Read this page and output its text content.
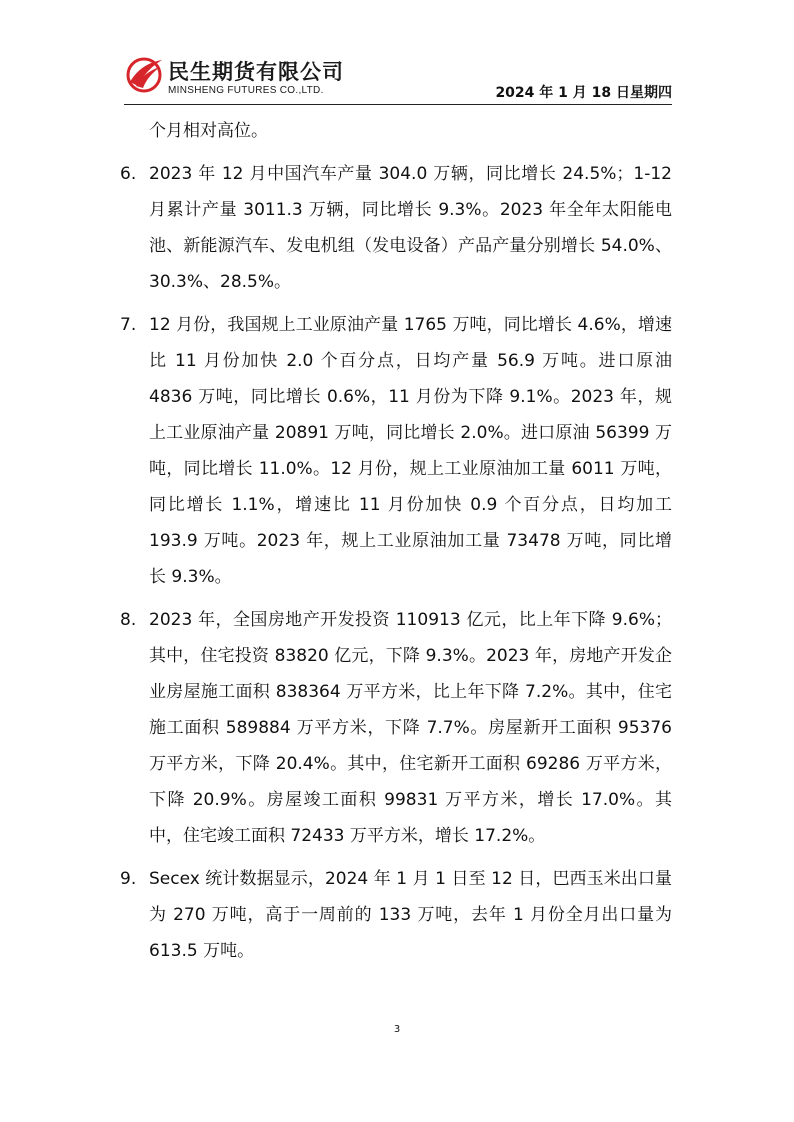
民生期货有限公司
MINSHENG FUTURES CO.,LTD.	2024 年 1 月 18 日星期四

个月相对高位。

6. 2023 年 12 月中国汽车产量 304.0 万辆，同比增长 24.5%；1-12 月累计产量 3011.3 万辆，同比增长 9.3%。2023 年全年太阳能电池、新能源汽车、发电机组（发电设备）产品产量分别增长 54.0%、30.3%、28.5%。
7. 12 月份，我国规上工业原油产量 1765 万吨，同比增长 4.6%，增速比 11 月份加快 2.0 个百分点，日均产量 56.9 万吨。进口原油 4836 万吨，同比增长 0.6%，11 月份为下降 9.1%。2023 年，规上工业原油产量 20891 万吨，同比增长 2.0%。进口原油 56399 万吨，同比增长 11.0%。12 月份，规上工业原油加工量 6011 万吨，同比增长 1.1%，增速比 11 月份加快 0.9 个百分点，日均加工 193.9 万吨。2023 年，规上工业原油加工量 73478 万吨，同比增长 9.3%。
8. 2023 年，全国房地产开发投资 110913 亿元，比上年下降 9.6%；其中，住宅投资 83820 亿元，下降 9.3%。2023 年，房地产开发企业房屋施工面积 838364 万平方米，比上年下降 7.2%。其中，住宅施工面积 589884 万平方米，下降 7.7%。房屋新开工面积 95376 万平方米，下降 20.4%。其中，住宅新开工面积 69286 万平方米，下降 20.9%。房屋竣工面积 99831 万平方米，增长 17.0%。其中，住宅竣工面积 72433 万平方米，增长 17.2%。
9. Secex 统计数据显示，2024 年 1 月 1 日至 12 日，巴西玉米出口量为 270 万吨，高于一周前的 133 万吨，去年 1 月份全月出口量为 613.5 万吨。
3
